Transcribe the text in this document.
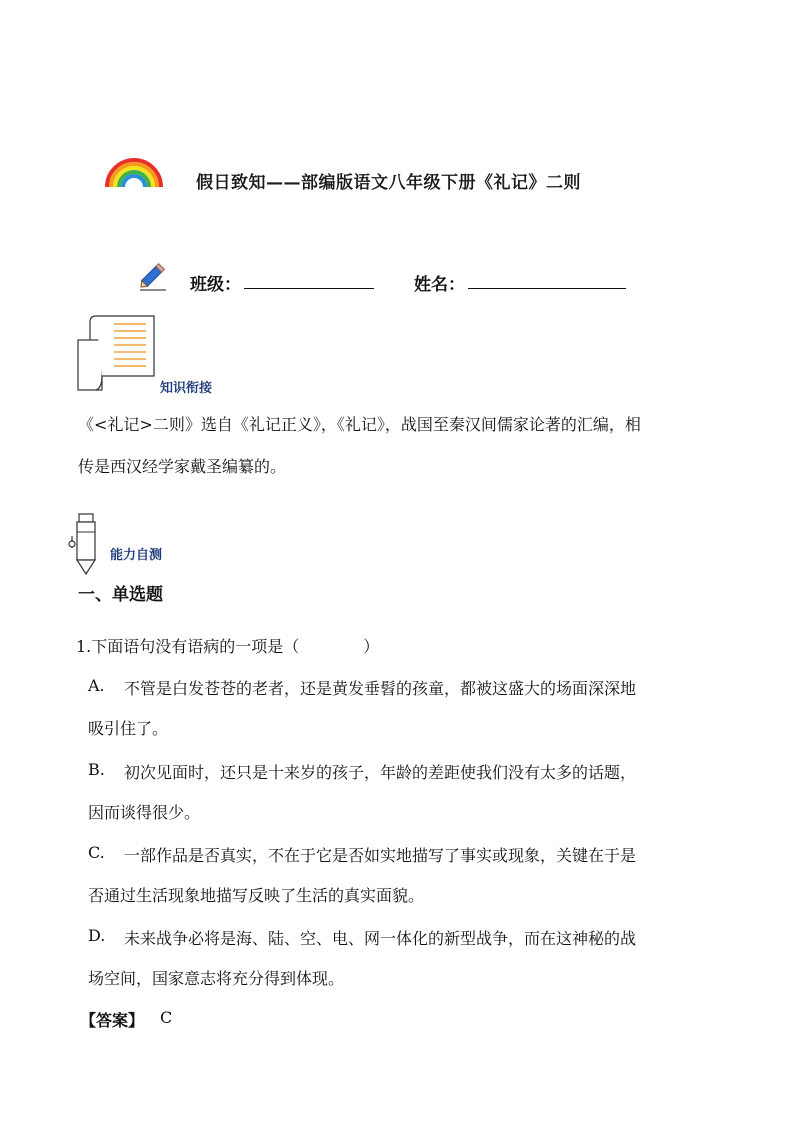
假日致知——部编版语文八年级下册《礼记》二则
班级：	姓名：
知识衔接
《<礼记>二则》选自《礼记正义》，《礼记》，战国至秦汉间儒家论著的汇编，相
传是西汉经学家戴圣编纂的。
能力自测
一、单选题
1.下面语句没有语病的一项是（　　　　）
A. 不管是白发苍苍的老者，还是黄发垂髫的孩童，都被这盛大的场面深深地
吸引住了。
B. 初次见面时，还只是十来岁的孩子，年龄的差距使我们没有太多的话题，
因而谈得很少。
C. 一部作品是否真实，不在于它是否如实地描写了事实或现象，关键在于是
否通过生活现象地描写反映了生活的真实面貌。
D. 未来战争必将是海、陆、空、电、网一体化的新型战争，而在这神秘的战
场空间，国家意志将充分得到体现。
【答案】 C
